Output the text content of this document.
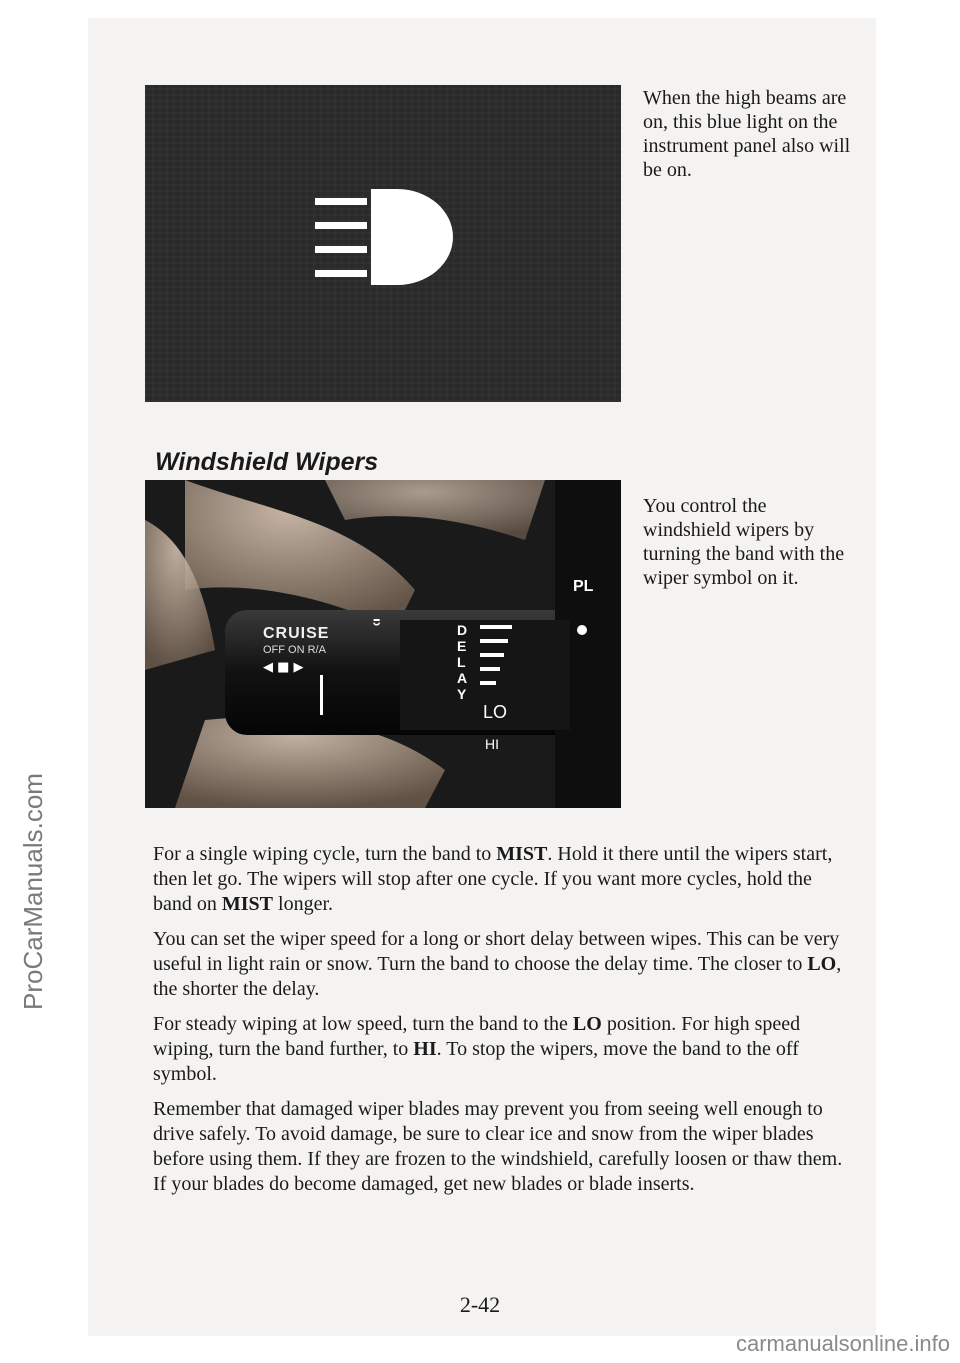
ProCarManuals.com
When the high beams are on, this blue light on the instrument panel also will be on.
Windshield Wipers
CRUISE
OFF ON R/A
◀ ■ ▶
⏒	D
E
L
A
Y
LO
HI
PL
You control the windshield wipers by turning the band with the wiper symbol on it.

For a single wiping cycle, turn the band to MIST. Hold it there until the wipers start, then let go. The wipers will stop after one cycle. If you want more cycles, hold the band on MIST longer.

You can set the wiper speed for a long or short delay between wipes. This can be very useful in light rain or snow. Turn the band to choose the delay time. The closer to LO, the shorter the delay.

For steady wiping at low speed, turn the band to the LO position. For high speed wiping, turn the band further, to HI. To stop the wipers, move the band to the off symbol.

Remember that damaged wiper blades may prevent you from seeing well enough to drive safely. To avoid damage, be sure to clear ice and snow from the wiper blades before using them. If they are frozen to the windshield, carefully loosen or thaw them. If your blades do become damaged, get new blades or blade inserts.

2-42
carmanualsonline.info
